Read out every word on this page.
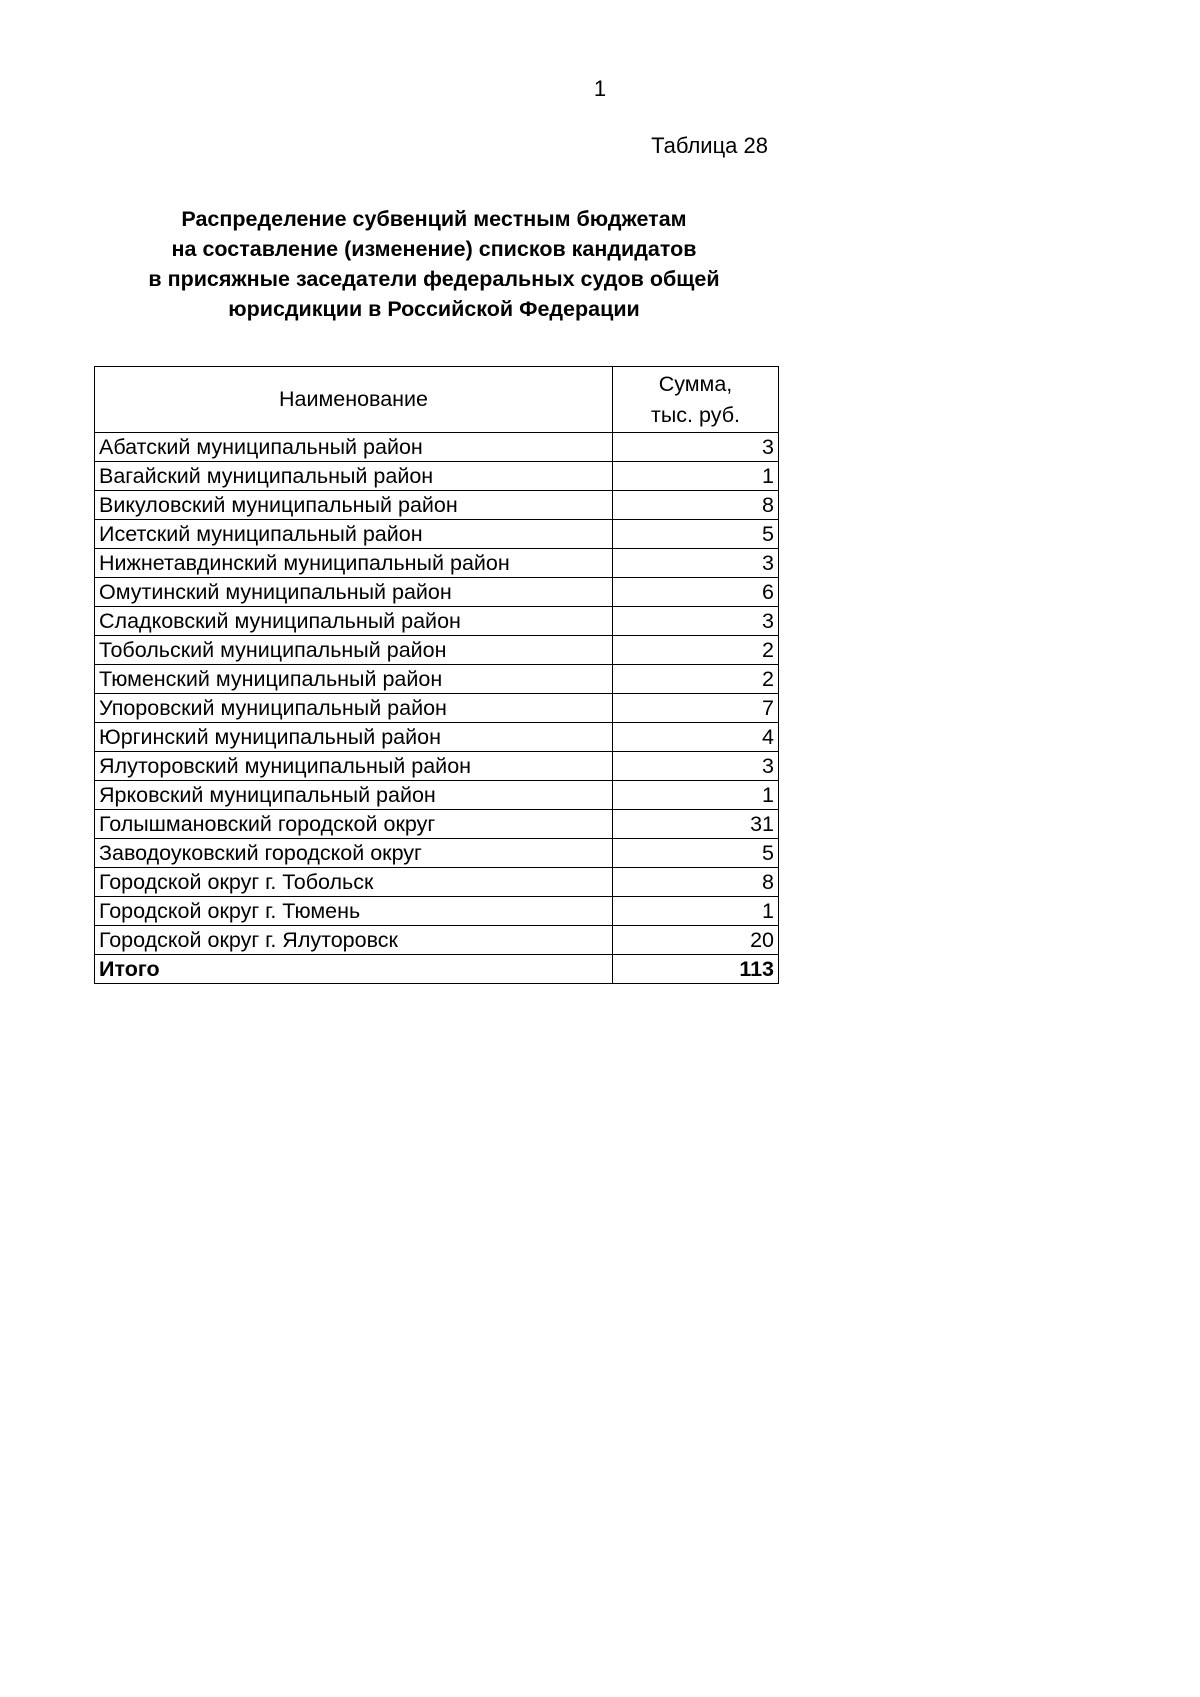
1
Таблица 28
Распределение субвенций местным бюджетам
на составление (изменение) списков кандидатов
в присяжные заседатели федеральных судов общей
юрисдикции в Российской Федерации
Наименование	Сумма,
тыс. руб.
Абатский муниципальный район	3
Вагайский муниципальный район	1
Викуловский муниципальный район	8
Исетский муниципальный район	5
Нижнетавдинский муниципальный район	3
Омутинский муниципальный район	6
Сладковский муниципальный район	3
Тобольский муниципальный район	2
Тюменский муниципальный район	2
Упоровский муниципальный район	7
Юргинский муниципальный район	4
Ялуторовский муниципальный район	3
Ярковский муниципальный район	1
Голышмановский городской округ	31
Заводоуковский городской округ	5
Городской округ г. Тобольск	8
Городской округ г. Тюмень	1
Городской округ г. Ялуторовск	20
Итого	113
